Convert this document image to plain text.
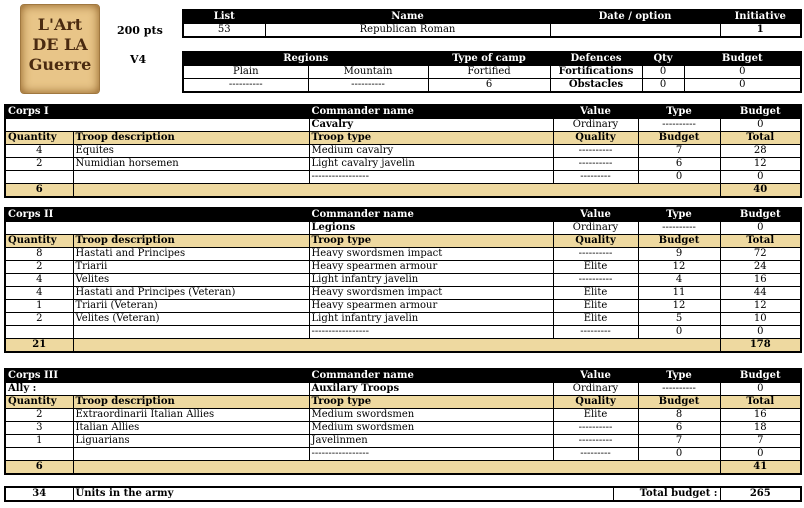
L'Art
DE LA
Guerre
200 pts
V4
List	Name	Date / option	Initiative
53	Republican Roman		1
Regions		Type of camp	Defences	Qty	Budget
Plain	Mountain	Fortified	Fortifications	0	0
----------	----------	6	Obstacles	0	0
Corps I		Commander name	Value	Type	Budget
		Cavalry	Ordinary	----------	0
Quantity	Troop description	Troop type	Quality	Budget	Total
4	Equites	Medium cavalry	----------	7	28
2	Numidian horsemen	Light cavalry javelin	----------	6	12
		-----------------	---------	0	0
6					40
Corps II		Commander name	Value	Type	Budget
		Legions	Ordinary	----------	0
Quantity	Troop description	Troop type	Quality	Budget	Total
8	Hastati and Principes	Heavy swordsmen impact	----------	9	72
2	Triarii	Heavy spearmen armour	Elite	12	24
4	Velites	Light infantry javelin	----------	4	16
4	Hastati and Principes (Veteran)	Heavy swordsmen impact	Elite	11	44
1	Triarii (Veteran)	Heavy spearmen armour	Elite	12	12
2	Velites (Veteran)	Light infantry javelin	Elite	5	10
		-----------------	---------	0	0
21					178
Corps III		Commander name	Value	Type	Budget
Ally :		Auxilary Troops	Ordinary	----------	0
Quantity	Troop description	Troop type	Quality	Budget	Total
2	Extraordinarii Italian Allies	Medium swordsmen	Elite	8	16
3	Italian Allies	Medium swordsmen	----------	6	18
1	Liguarians	Javelinmen	----------	7	7
		-----------------	---------	0	0
6					41
34	Units in the army	Total budget :	265
